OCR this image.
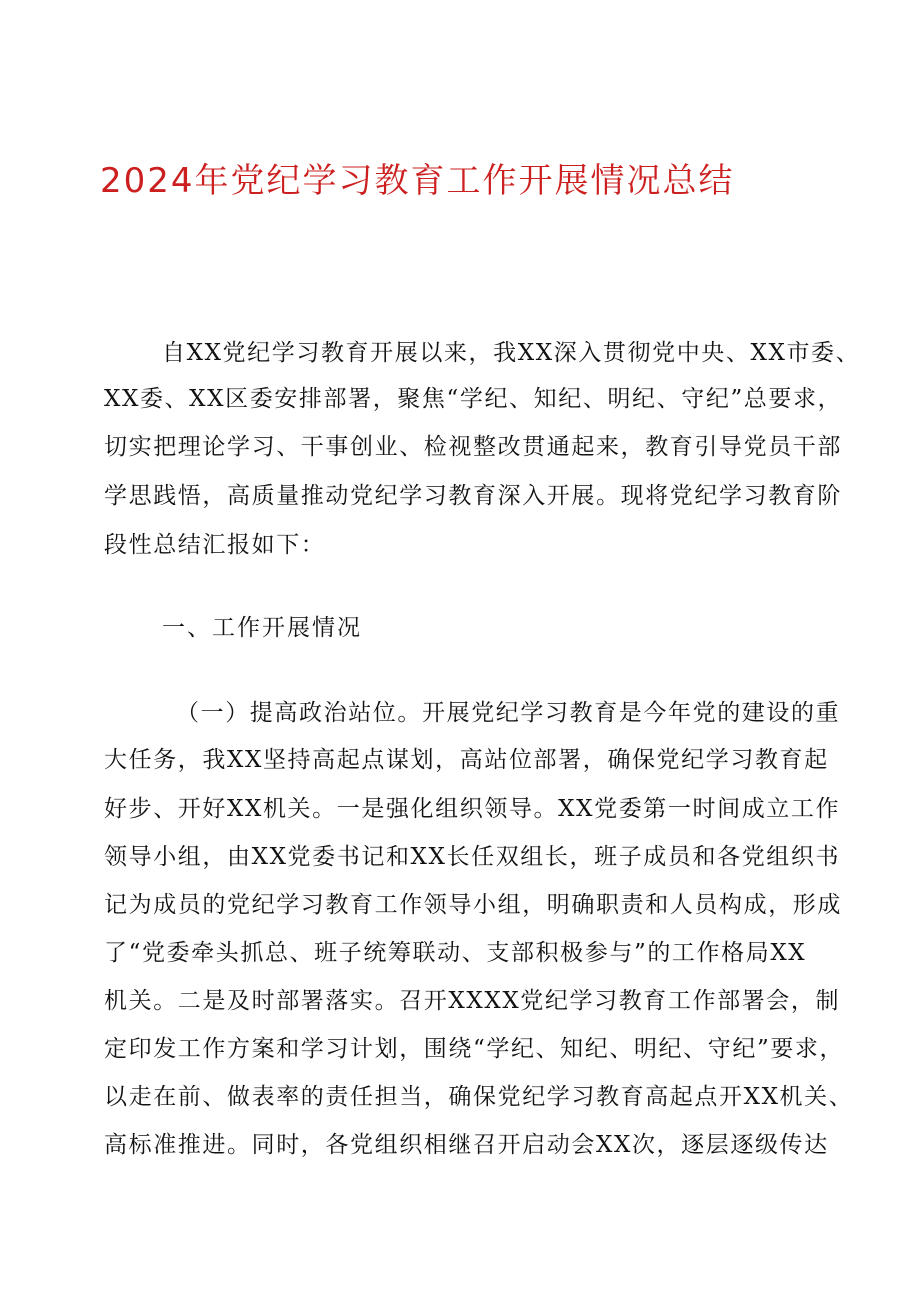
2024年党纪学习教育工作开展情况总结
自XX党纪学习教育开展以来，我XX深入贯彻党中央、XX市委、
XX委、XX区委安排部署，聚焦“学纪、知纪、明纪、守纪”总要求，
切实把理论学习、干事创业、检视整改贯通起来，教育引导党员干部
学思践悟，高质量推动党纪学习教育深入开展。现将党纪学习教育阶
段性总结汇报如下：
一、工作开展情况
（一）提高政治站位。开展党纪学习教育是今年党的建设的重
大任务，我XX坚持高起点谋划，高站位部署，确保党纪学习教育起
好步、开好XX机关。一是强化组织领导。XX党委第一时间成立工作
领导小组，由XX党委书记和XX长任双组长，班子成员和各党组织书
记为成员的党纪学习教育工作领导小组，明确职责和人员构成，形成
了“党委牵头抓总、班子统筹联动、支部积极参与”的工作格局XX
机关。二是及时部署落实。召开XXXX党纪学习教育工作部署会，制
定印发工作方案和学习计划，围绕“学纪、知纪、明纪、守纪”要求，
以走在前、做表率的责任担当，确保党纪学习教育高起点开XX机关、
高标准推进。同时，各党组织相继召开启动会XX次，逐层逐级传达
